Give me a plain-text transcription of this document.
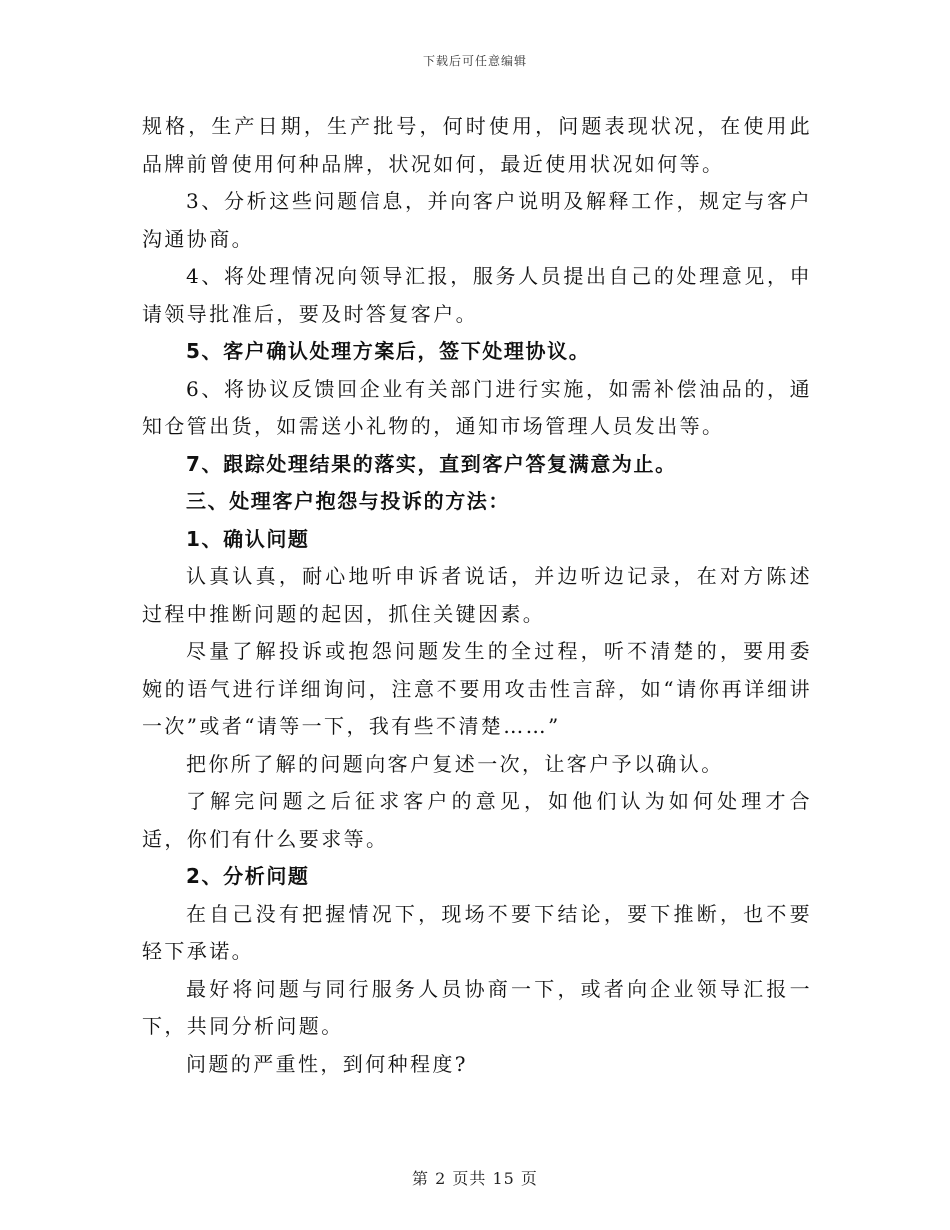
下载后可任意编辑

规格，生产日期，生产批号，何时使用，问题表现状况，在使用此品牌前曾使用何种品牌，状况如何，最近使用状况如何等。

3、分析这些问题信息，并向客户说明及解释工作，规定与客户沟通协商。

4、将处理情况向领导汇报，服务人员提出自己的处理意见，申请领导批准后，要及时答复客户。

5、客户确认处理方案后，签下处理协议。

6、将协议反馈回企业有关部门进行实施，如需补偿油品的，通知仓管出货，如需送小礼物的，通知市场管理人员发出等。

7、跟踪处理结果的落实，直到客户答复满意为止。

三、处理客户抱怨与投诉的方法：

1、确认问题

认真认真，耐心地听申诉者说话，并边听边记录，在对方陈述过程中推断问题的起因，抓住关键因素。

尽量了解投诉或抱怨问题发生的全过程，听不清楚的，要用委婉的语气进行详细询问，注意不要用攻击性言辞，如“请你再详细讲一次”或者“请等一下，我有些不清楚……”

把你所了解的问题向客户复述一次，让客户予以确认。

了解完问题之后征求客户的意见，如他们认为如何处理才合适，你们有什么要求等。

2、分析问题

在自己没有把握情况下，现场不要下结论，要下推断，也不要轻下承诺。

最好将问题与同行服务人员协商一下，或者向企业领导汇报一下，共同分析问题。

问题的严重性，到何种程度?

第 2 页共 15 页
